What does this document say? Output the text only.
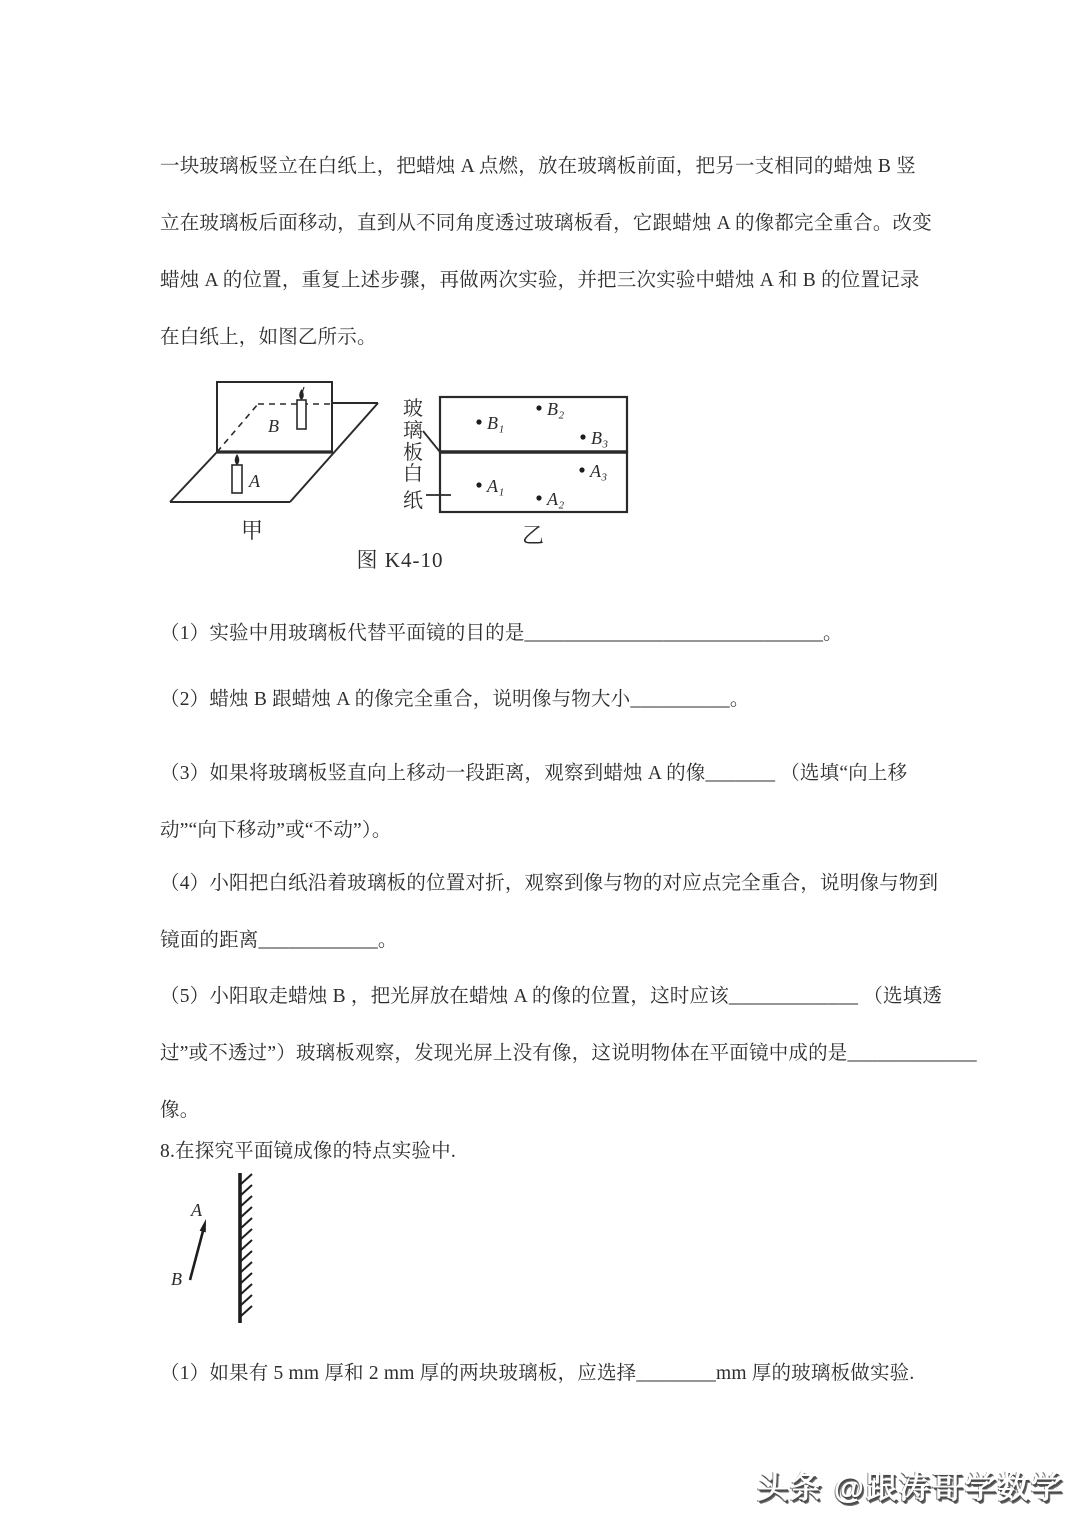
一块玻璃板竖立在白纸上，把蜡烛 A 点燃，放在玻璃板前面，把另一支相同的蜡烛 B 竖
立在玻璃板后面移动，直到从不同角度透过玻璃板看，它跟蜡烛 A 的像都完全重合。改变
蜡烛 A 的位置，重复上述步骤，再做两次实验，并把三次实验中蜡烛 A 和 B 的位置记录
在白纸上，如图乙所示。
B
A
甲
玻
璃
板
白
纸
B₁
B₂
B₃
A₁
A₂
A₃
乙
图 K4-10
（1）实验中用玻璃板代替平面镜的目的是______________________________。
（2）蜡烛 B 跟蜡烛 A 的像完全重合，说明像与物大小__________。
（3）如果将玻璃板竖直向上移动一段距离，观察到蜡烛 A 的像_______ （选填“向上移
动”“向下移动”或“不动”）。
（4）小阳把白纸沿着玻璃板的位置对折，观察到像与物的对应点完全重合，说明像与物到
镜面的距离____________。
（5）小阳取走蜡烛 B ，把光屏放在蜡烛 A 的像的位置，这时应该_____________ （选填透
过”或不透过”）玻璃板观察，发现光屏上没有像，这说明物体在平面镜中成的是_____________
像。
8.在探究平面镜成像的特点实验中.
A
B
（1）如果有 5 mm 厚和 2 mm 厚的两块玻璃板，应选择________mm 厚的玻璃板做实验.
头条 @跟涛哥学数学
